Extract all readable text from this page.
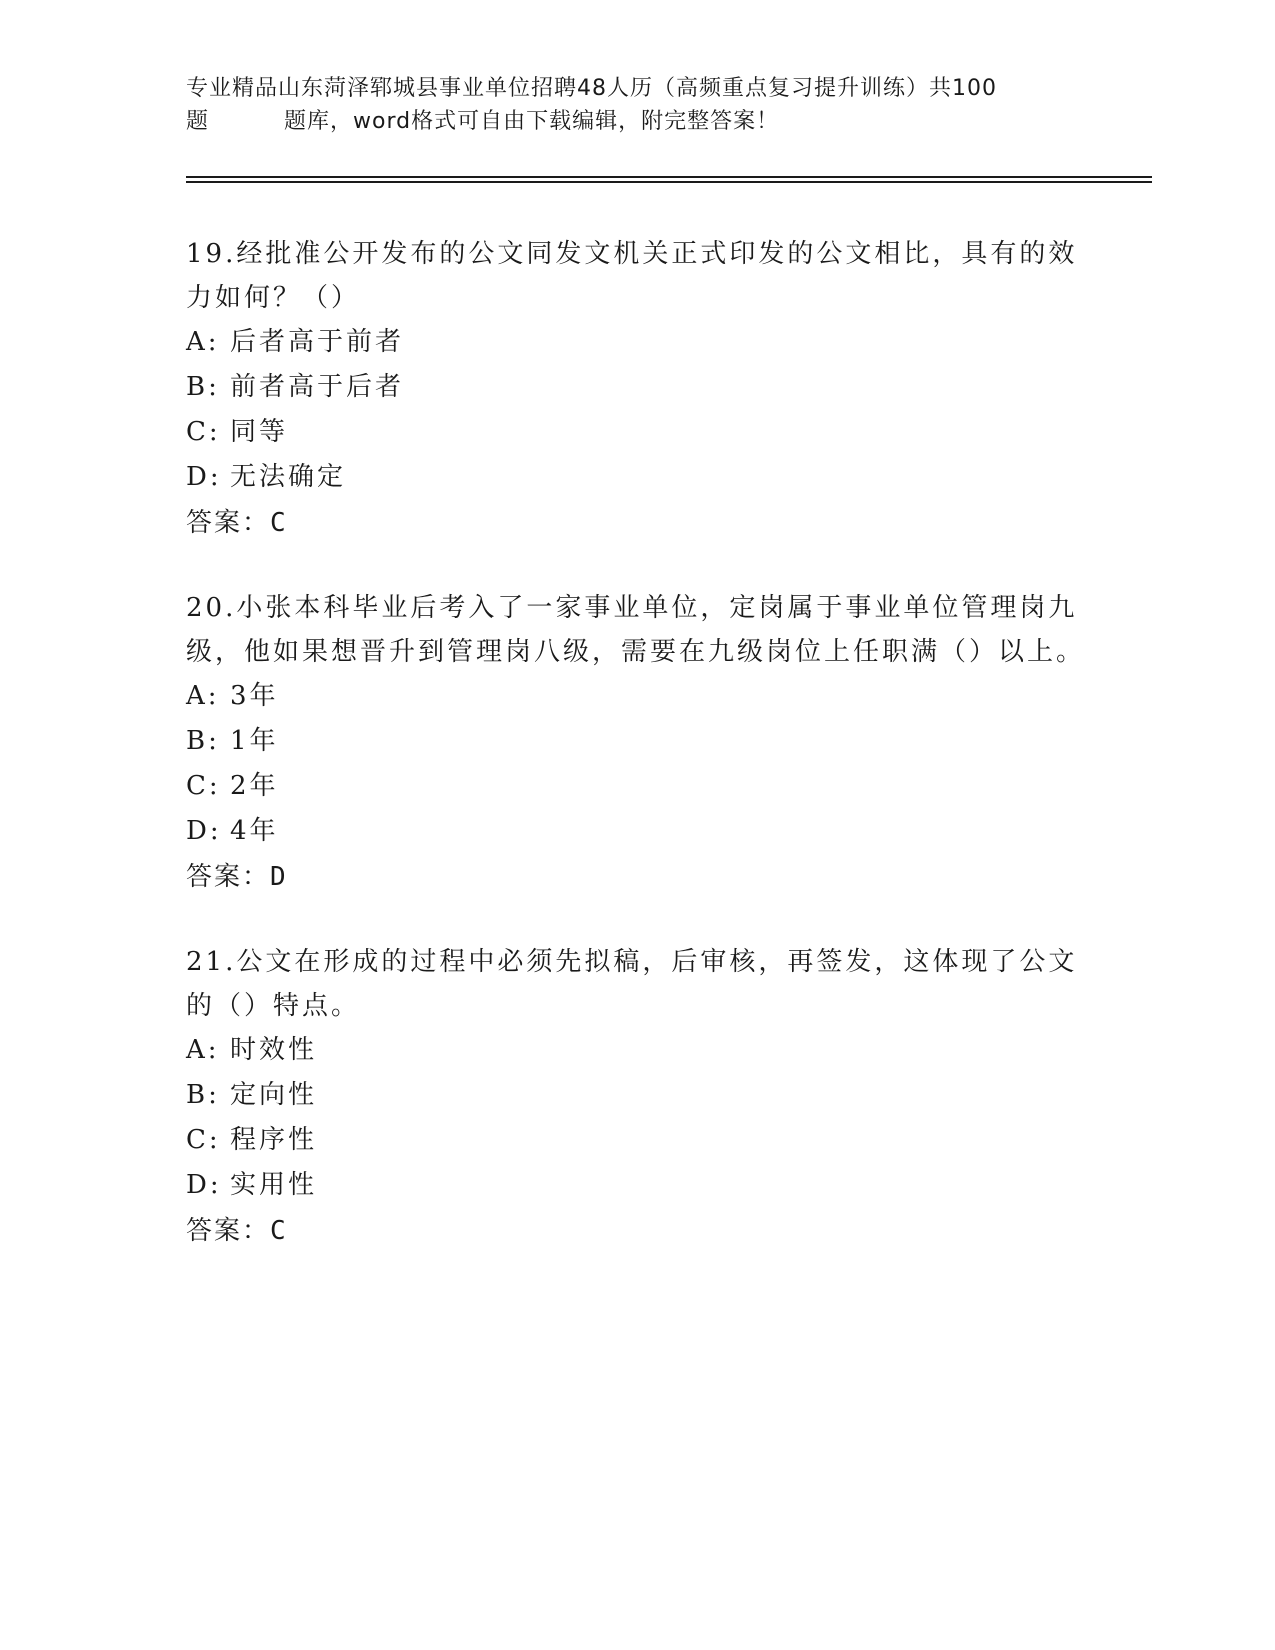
专业精品山东菏泽郓城县事业单位招聘48人历（高频重点复习提升训练）共100
题	题库，word格式可自由下载编辑，附完整答案！

19.经批准公开发布的公文同发文机关正式印发的公文相比，具有的效力如何？（）

A: 后者高于前者
B: 前者高于后者
C: 同等
D: 无法确定
答案：C

20.小张本科毕业后考入了一家事业单位，定岗属于事业单位管理岗九级，他如果想晋升到管理岗八级，需要在九级岗位上任职满（）以上。

A: 3年
B: 1年
C: 2年
D: 4年
答案：D

21.公文在形成的过程中必须先拟稿，后审核，再签发，这体现了公文的（）特点。

A: 时效性
B: 定向性
C: 程序性
D: 实用性
答案：C
